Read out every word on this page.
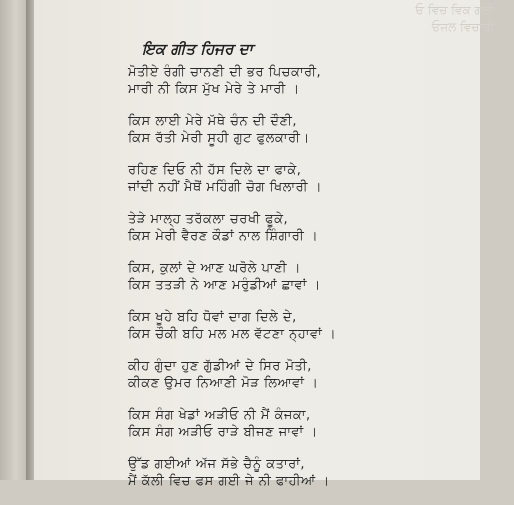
ਓ ਵਿਚ ਵਿਕ ਗਈ
ਓਜਲ ਵਿਚਾਰੀ
ਇਕ ਗੀਤ ਹਿਜਰ ਦਾ
ਮੋਤੀਏ ਰੰਗੀ ਚਾਨਣੀ ਦੀ ਭਰ ਪਿਚਕਾਰੀ,
ਮਾਰੀ ਨੀ ਕਿਸ ਮੁੱਖ ਮੇਰੇ ਤੇ ਮਾਰੀ ।
ਕਿਸ ਲਾਈ ਮੇਰੇ ਮੱਥੇ ਚੰਨ ਦੀ ਦੌਣੀ,
ਕਿਸ ਰੱਤੀ ਮੇਰੀ ਸੂਹੀ ਗੁਟ ਫੁਲਕਾਰੀ।
ਰਹਿਣ ਦਿਓ ਨੀ ਹੱਸ ਦਿਲੇ ਦਾ ਫਾਕੇ,
ਜਾਂਦੀ ਨਹੀਂ ਮੈਥੋਂ ਮਹਿੰਗੀ ਚੋਗ ਖਿਲਾਰੀ ।
ਤੇੜੇ ਮਾਲ੍ਹ ਤਰੱਕਲਾ ਚਰਖੀ ਫੂਕੇ,
ਕਿਸ ਮੇਰੀ ਵੈਰਣ ਕੌਡਾਂ ਨਾਲ ਸ਼ਿੰਗਾਰੀ ।
ਕਿਸ, ਕੁਲਾਂ ਦੇ ਆਣ ਘਰੋਲੇ ਪਾਣੀ ।
ਕਿਸ ਤਤੜੀ ਨੇ ਆਣ ਮਰੁੰਡੀਆਂ ਛਾਵਾਂ ।
ਕਿਸ ਖੂਹੇ ਬਹਿ ਧੋਵਾਂ ਦਾਗ ਦਿਲੇ ਦੇ,
ਕਿਸ ਚੌਕੀ ਬਹਿ ਮਲ ਮਲ ਵੱਟਣਾ ਨ੍ਹਾਵਾਂ ।
ਕੀਹ ਗੁੰਦਾ ਹੁਣ ਗੁੱਡੀਆਂ ਦੇ ਸਿਰ ਮੋਤੀ,
ਕੀਕਣ ਉਮਰ ਨਿਆਣੀ ਮੋੜ ਲਿਆਵਾਂ ।
ਕਿਸ ਸੰਗ ਖੇਡਾਂ ਅੜੀਓ ਨੀ ਮੈਂ ਕੰਜਕਾ,
ਕਿਸ ਸੰਗ ਅੜੀਓ ਰਾੜੇ ਬੀਜਣ ਜਾਵਾਂ ।
ਉੱਡ ਗਈਆਂ ਅੱਜ ਸੱਭੇ ਚੈਨੂੰ ਕਤਾਰਾਂ,
ਮੈਂ ਕੱਲੀ ਵਿਚ ਫਸ ਗਈ ਜੇ ਨੀ ਫਾਹੀਆਂ ।
